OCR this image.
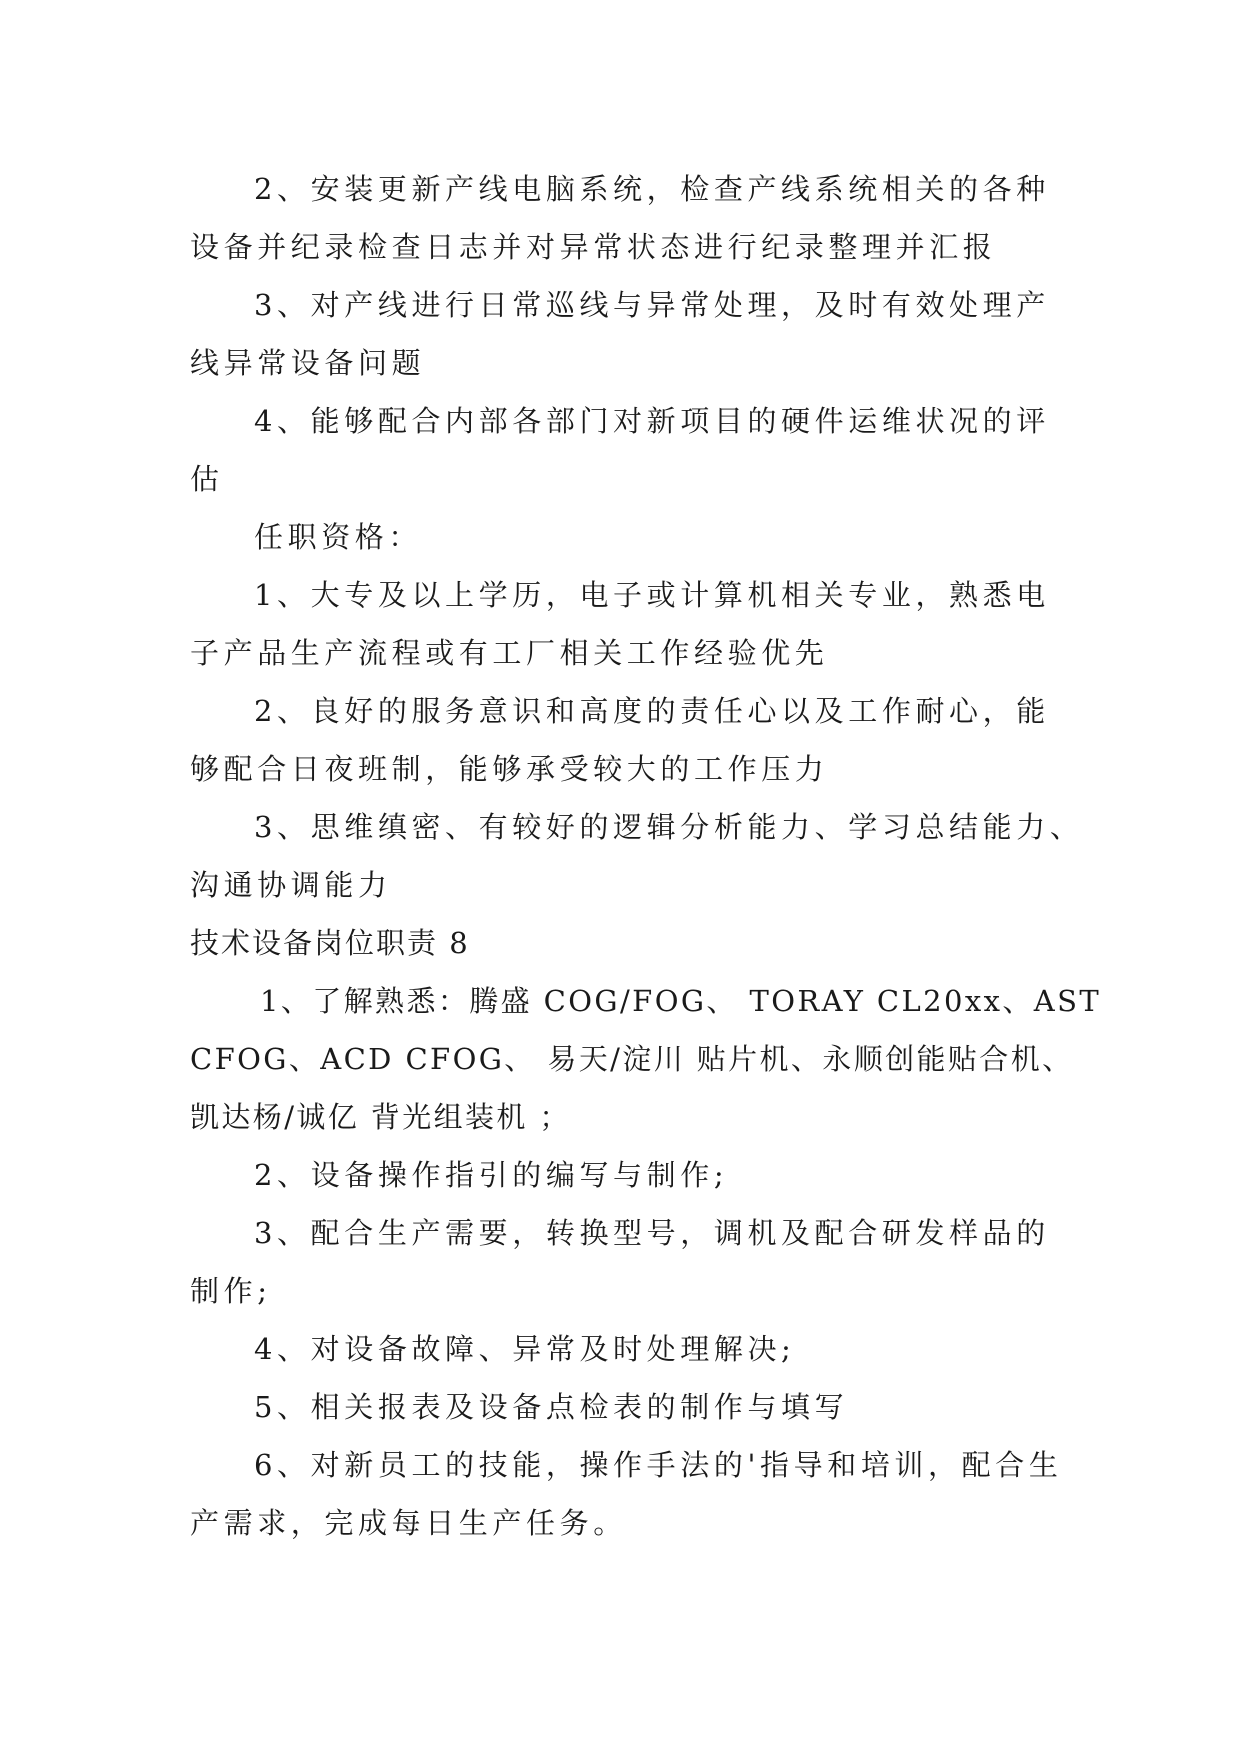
2、安装更新产线电脑系统，检查产线系统相关的各种
设备并纪录检查日志并对异常状态进行纪录整理并汇报

3、对产线进行日常巡线与异常处理，及时有效处理产
线异常设备问题

4、能够配合内部各部门对新项目的硬件运维状况的评
估

任职资格：

1、大专及以上学历，电子或计算机相关专业，熟悉电
子产品生产流程或有工厂相关工作经验优先

2、良好的服务意识和高度的责任心以及工作耐心，能
够配合日夜班制，能够承受较大的工作压力

3、思维缜密、有较好的逻辑分析能力、学习总结能力、
沟通协调能力

技术设备岗位职责 8

1、了解熟悉：腾盛 COG/FOG、 TORAY CL20xx、AST
CFOG、ACD CFOG、 易天/淀川 贴片机、永顺创能贴合机、
凯达杨/诚亿 背光组装机 ；

2、设备操作指引的编写与制作;

3、配合生产需要，转换型号，调机及配合研发样品的
制作;

4、对设备故障、异常及时处理解决;

5、相关报表及设备点检表的制作与填写

6、对新员工的技能，操作手法的'指导和培训，配合生
产需求，完成每日生产任务。
